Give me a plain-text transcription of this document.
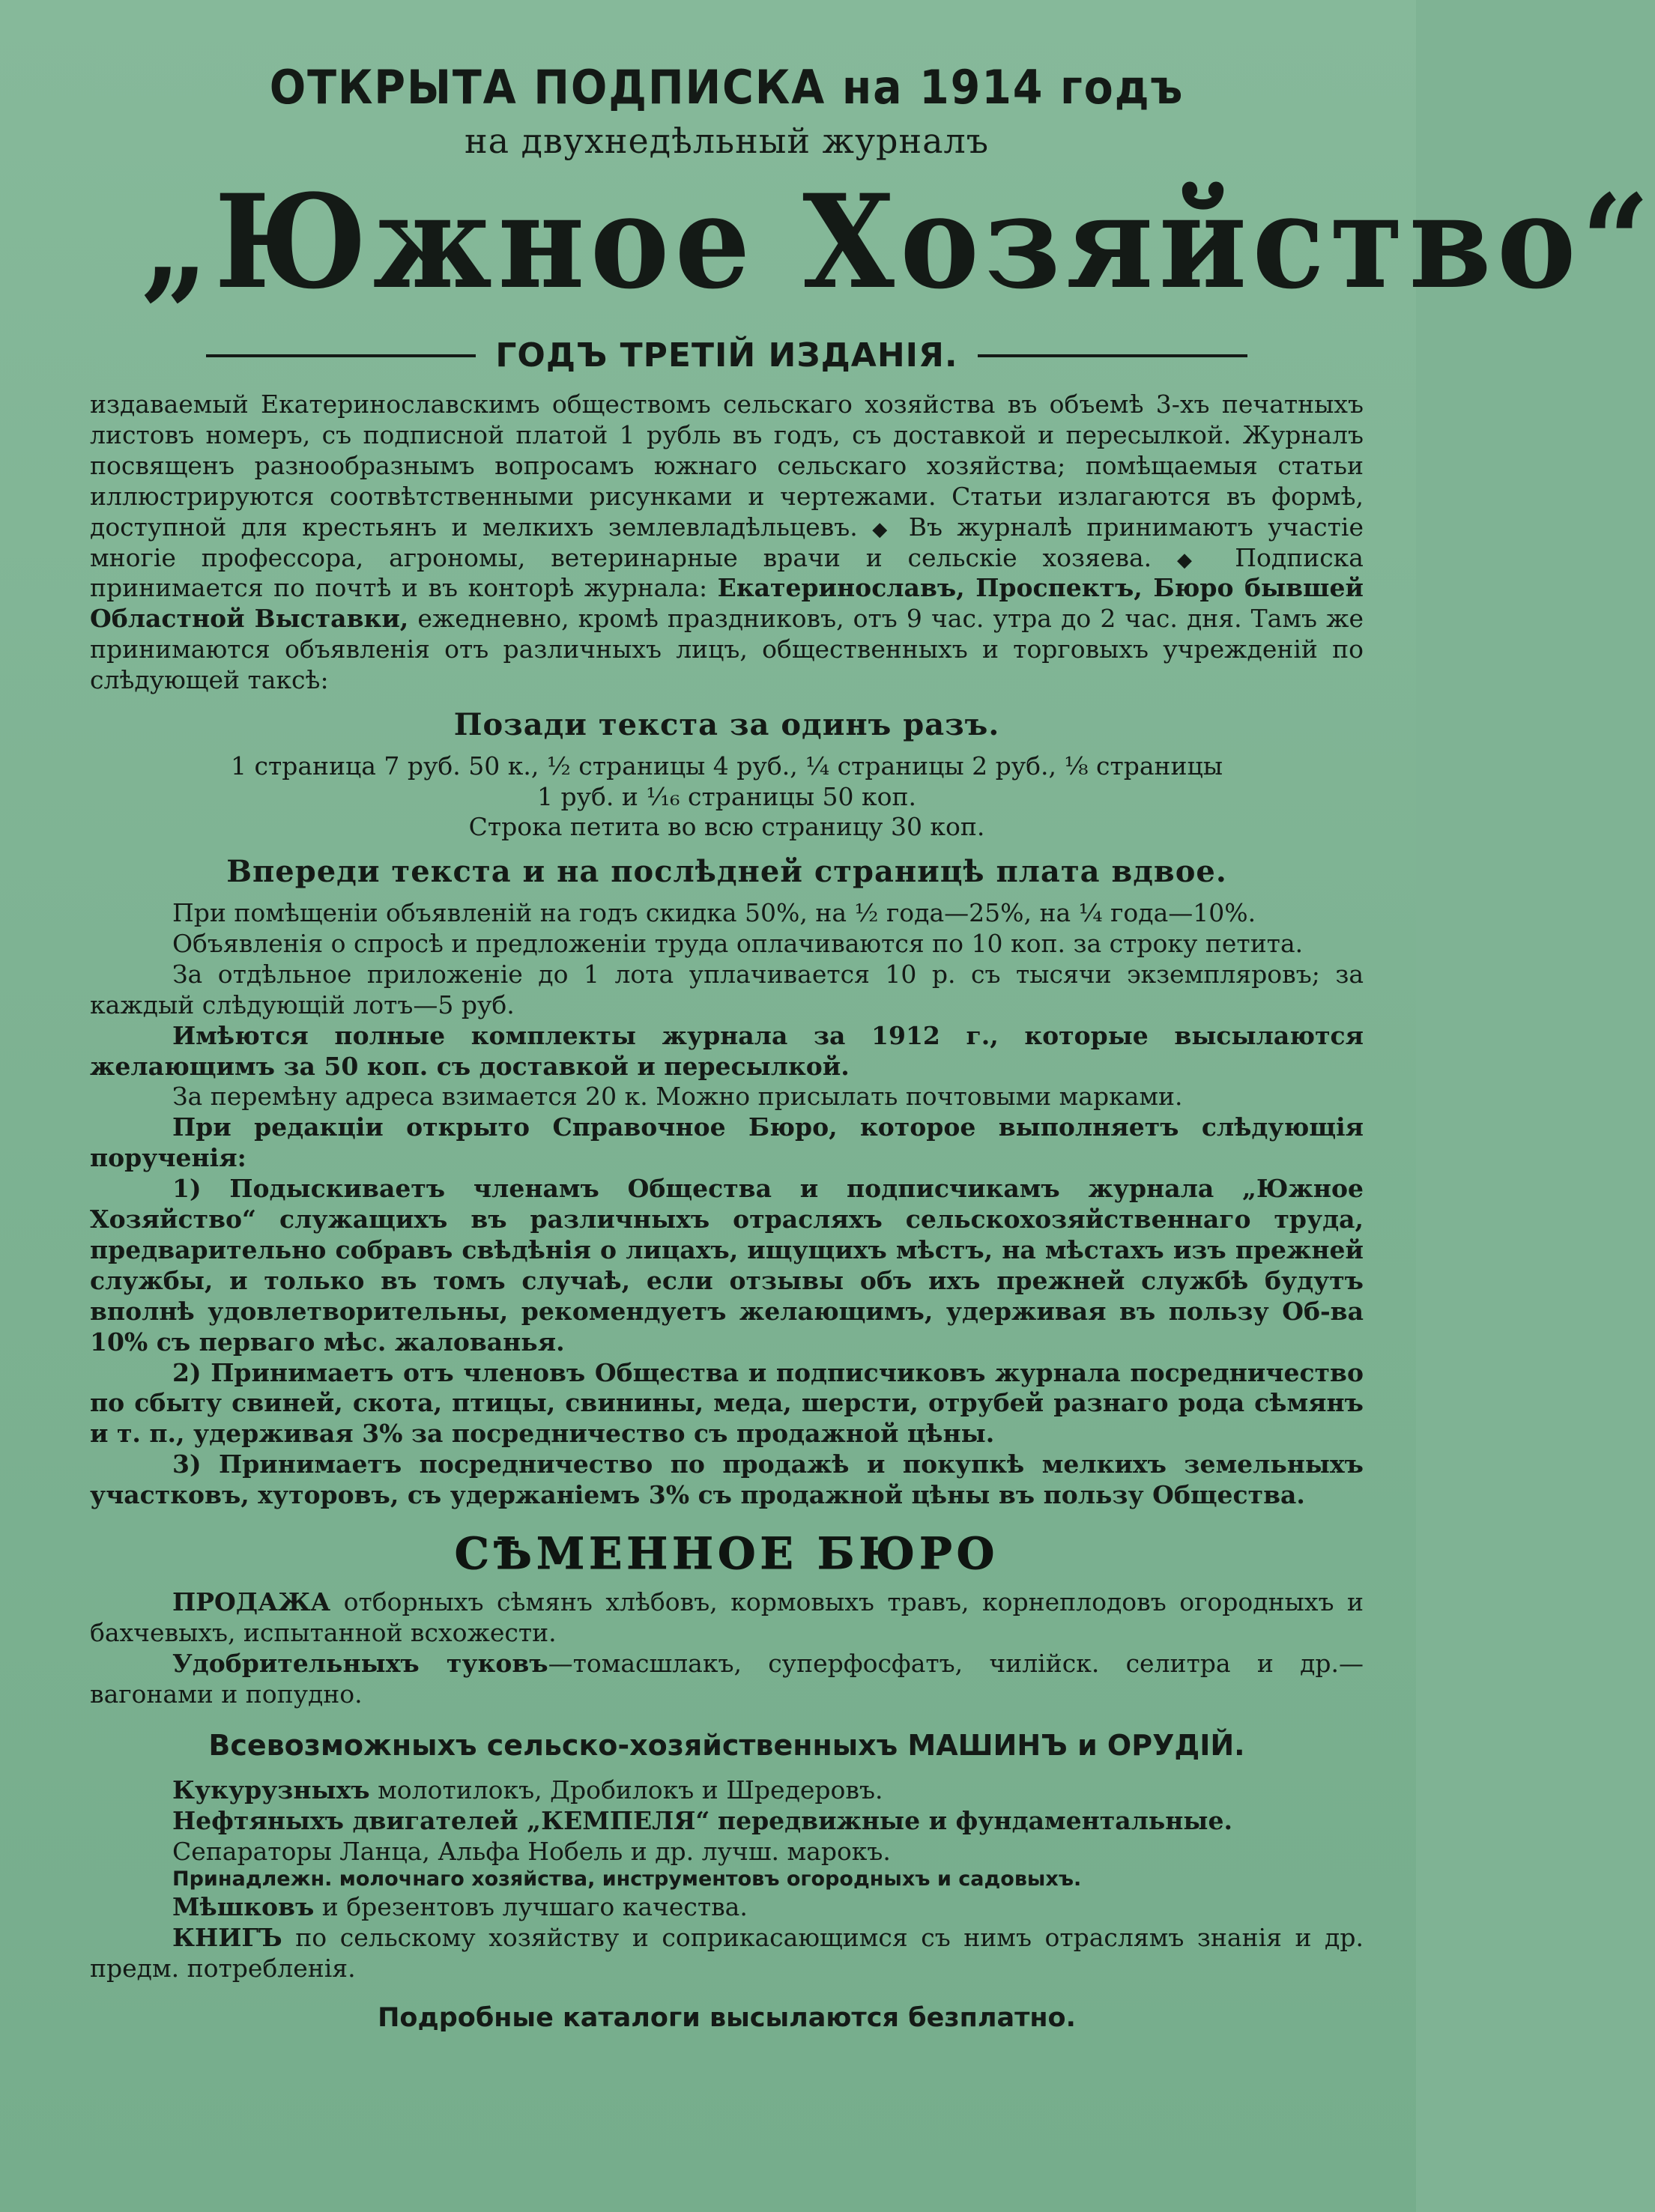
ОТКРЫТА ПОДПИСКА на 1914 годъ
на двухнедѣльный журналъ
„Южное Хозяйство“
ГОДЪ ТРЕТІЙ ИЗДАНІЯ.

издаваемый Екатеринославскимъ обществомъ сельскаго хозяйства въ объемѣ 3-хъ печатныхъ листовъ номеръ, съ подписной платой 1 рубль въ годъ, съ доставкой и пересылкой. Журналъ посвященъ разнообразнымъ вопросамъ южнаго сельскаго хозяйства; помѣщаемыя статьи иллюстрируются соотвѣтственными рисунками и чертежами. Статьи излагаются въ формѣ, доступной для крестьянъ и мелкихъ землевладѣльцевъ. ◆ Въ журналѣ принимаютъ участіе многіе профессора, агрономы, ветеринарные врачи и сельскіе хозяева. ◆ Подписка принимается по почтѣ и въ конторѣ журнала: Екатеринославъ, Проспектъ, Бюро бывшей Областной Выставки, ежедневно, кромѣ праздниковъ, отъ 9 час. утра до 2 час. дня. Тамъ же принимаются объявленія отъ различныхъ лицъ, общественныхъ и торговыхъ учрежденій по слѣдующей таксѣ:

Позади текста за одинъ разъ.

1 страница 7 руб. 50 к., ½ страницы 4 руб., ¼ страницы 2 руб., ⅛ страницы

1 руб. и ¹⁄₁₆ страницы 50 коп.

Строка петита во всю страницу 30 коп.

Впереди текста и на послѣдней страницѣ плата вдвое.

При помѣщеніи объявленій на годъ скидка 50%, на ½ года—25%, на ¼ года—10%.

Объявленія о спросѣ и предложеніи труда оплачиваются по 10 коп. за строку петита.

За отдѣльное приложеніе до 1 лота уплачивается 10 р. съ тысячи экземпляровъ; за каждый слѣдующій лотъ—5 руб.

Имѣются полные комплекты журнала за 1912 г., которые высылаются желающимъ за 50 коп. съ доставкой и пересылкой.

За перемѣну адреса взимается 20 к. Можно присылать почтовыми марками.

При редакціи открыто Справочное Бюро, которое выполняетъ слѣдующія порученія:

1) Подыскиваетъ членамъ Общества и подписчикамъ журнала „Южное Хозяйство“ служащихъ въ различныхъ отрасляхъ сельскохозяйственнаго труда, предварительно собравъ свѣдѣнія о лицахъ, ищущихъ мѣстъ, на мѣстахъ изъ прежней службы, и только въ томъ случаѣ, если отзывы объ ихъ прежней службѣ будутъ вполнѣ удовлетворительны, рекомендуетъ желающимъ, удерживая въ пользу Об-ва 10% съ перваго мѣс. жалованья.

2) Принимаетъ отъ членовъ Общества и подписчиковъ журнала посредничество по сбыту свиней, скота, птицы, свинины, меда, шерсти, отрубей разнаго рода сѣмянъ и т. п., удерживая 3% за посредничество съ продажной цѣны.

3) Принимаетъ посредничество по продажѣ и покупкѣ мелкихъ земельныхъ участковъ, хуторовъ, съ удержаніемъ 3% съ продажной цѣны въ пользу Общества.

СѢМЕННОЕ БЮРО

ПРОДАЖА отборныхъ сѣмянъ хлѣбовъ, кормовыхъ травъ, корнеплодовъ огородныхъ и бахчевыхъ, испытанной всхожести.

Удобрительныхъ туковъ—томасшлакъ, суперфосфатъ, чилійск. селитра и др.—вагонами и попудно.

Всевозможныхъ сельско-хозяйственныхъ МАШИНЪ и ОРУДІЙ.

Кукурузныхъ молотилокъ, Дробилокъ и Шредеровъ.

Нефтяныхъ двигателей „КЕМПЕЛЯ“ передвижные и фундаментальные.

Сепараторы Ланца, Альфа Нобель и др. лучш. марокъ.

Принадлежн. молочнаго хозяйства, инструментовъ огородныхъ и садовыхъ.

Мѣшковъ и брезентовъ лучшаго качества.

КНИГЪ по сельскому хозяйству и соприкасающимся съ нимъ отраслямъ знанія и др. предм. потребленія.

Подробные каталоги высылаются безплатно.
